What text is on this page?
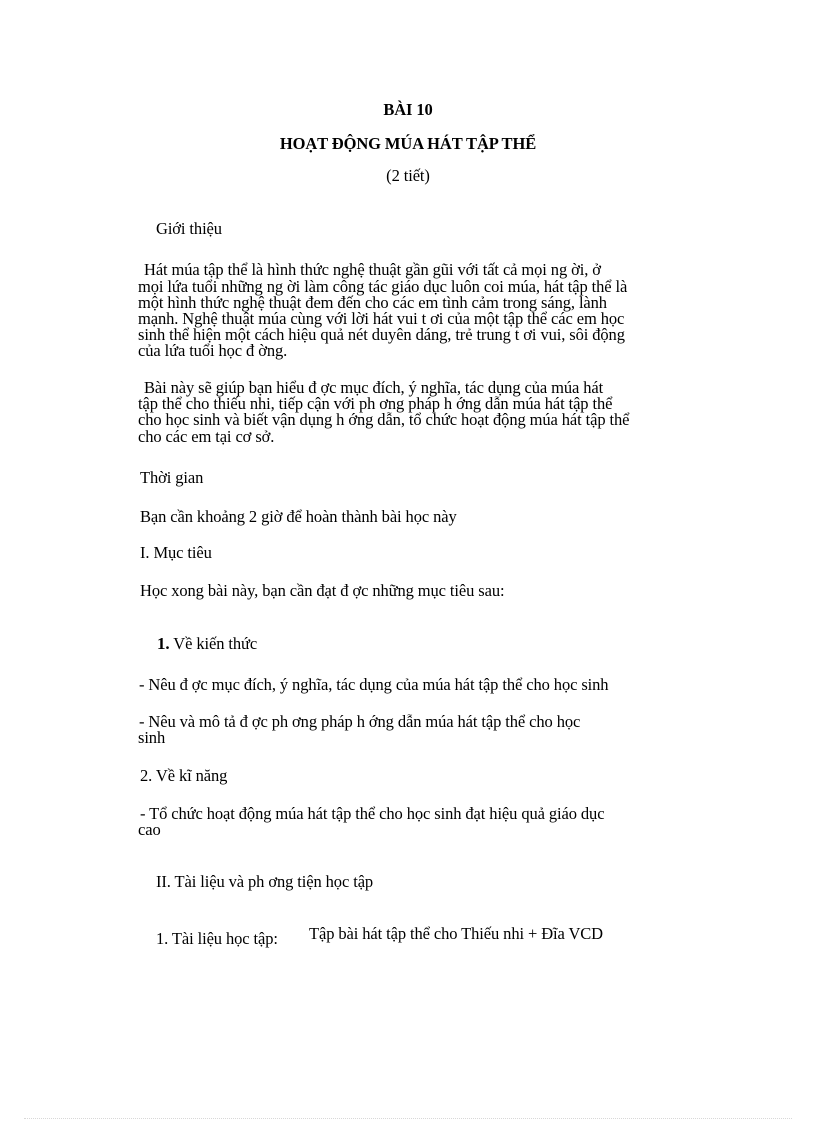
BÀI 10
HOẠT ĐỘNG MÚA HÁT TẬP THỂ
(2 tiết)
Giới thiệu
Hát múa tập thể là hình thức nghệ thuật gần gũi với tất cả mọi ng ời, ở
mọi lứa tuổi những ng ời làm công tác giáo dục luôn coi múa, hát tập thể là
một hình thức nghệ thuật đem đến cho các em tình cảm trong sáng, lành
mạnh. Nghệ thuật múa cùng với lời hát vui t ơi của một tập thể các em học
sinh thể hiện một cách hiệu quả nét duyên dáng, trẻ trung t ơi vui, sôi động
của lứa tuổi học đ ờng.
Bài này sẽ giúp bạn hiểu đ ợc mục đích, ý nghĩa, tác dụng của múa hát
tập thể cho thiếu nhi, tiếp cận với ph ơng pháp h ớng dẫn múa hát tập thể
cho học sinh và biết vận dụng h ớng dẫn, tổ chức hoạt động múa hát tập thể
cho các em tại cơ sở.
Thời gian
Bạn cần khoảng 2 giờ để hoàn thành bài học này
I. Mục tiêu
Học xong bài này, bạn cần đạt đ ợc những mục tiêu sau:
1. Về kiến thức
- Nêu đ ợc mục đích, ý nghĩa, tác dụng của múa hát tập thể cho học sinh
- Nêu và mô tả đ ợc ph ơng pháp h ớng dẫn múa hát tập thể cho học
sinh
2. Về kĩ năng
- Tổ chức hoạt động múa hát tập thể cho học sinh đạt hiệu quả giáo dục
cao
II. Tài liệu và ph ơng tiện học tập
1. Tài liệu học tập: Tập bài hát tập thể cho Thiếu nhi + Đĩa VCD
